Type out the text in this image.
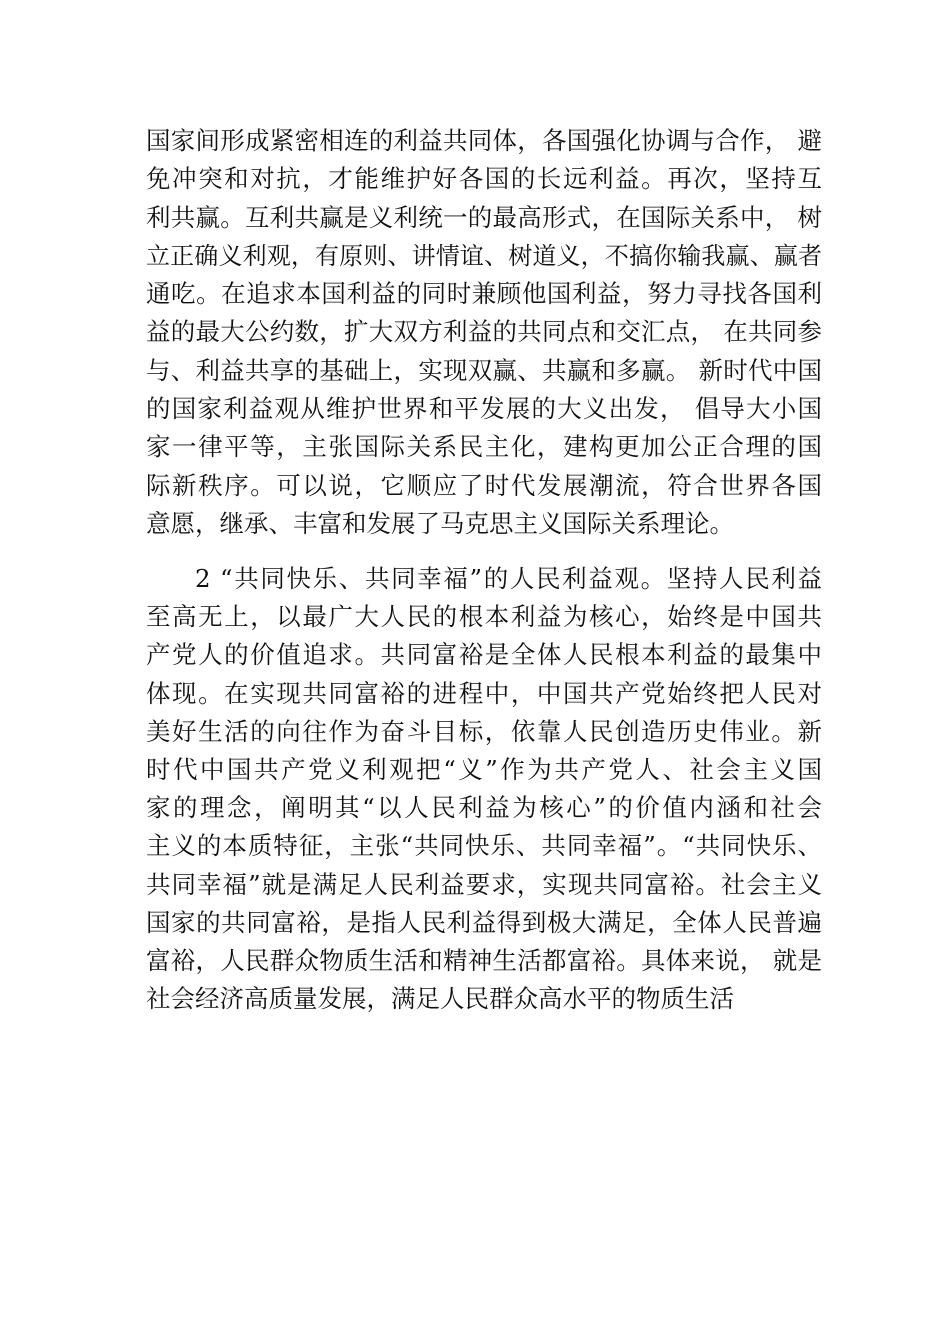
国家间形成紧密相连的利益共同体，各国强化协调与合作， 避
免冲突和对抗，才能维护好各国的长远利益。再次，坚持互
利共赢。互利共赢是义利统一的最高形式，在国际关系中， 树
立正确义利观，有原则、讲情谊、树道义，不搞你输我赢、赢者
通吃。在追求本国利益的同时兼顾他国利益，努力寻找各国利
益的最大公约数，扩大双方利益的共同点和交汇点， 在共同参
与、利益共享的基础上，实现双赢、共赢和多赢。 新时代中国
的国家利益观从维护世界和平发展的大义出发， 倡导大小国
家一律平等，主张国际关系民主化，建构更加公正合理的国
际新秩序。可以说，它顺应了时代发展潮流，符合世界各国
意愿，继承、丰富和发展了马克思主义国际关系理论。
2 “共同快乐、共同幸福”的人民利益观。坚持人民利益
至高无上，以最广大人民的根本利益为核心，始终是中国共
产党人的价值追求。共同富裕是全体人民根本利益的最集中
体现。在实现共同富裕的进程中，中国共产党始终把人民对
美好生活的向往作为奋斗目标，依靠人民创造历史伟业。新
时代中国共产党义利观把“义”作为共产党人、社会主义国
家的理念，阐明其“以人民利益为核心”的价值内涵和社会
主义的本质特征，主张“共同快乐、共同幸福”。“共同快乐、
共同幸福”就是满足人民利益要求，实现共同富裕。社会主义
国家的共同富裕，是指人民利益得到极大满足，全体人民普遍
富裕，人民群众物质生活和精神生活都富裕。具体来说， 就是
社会经济高质量发展，满足人民群众高水平的物质生活
